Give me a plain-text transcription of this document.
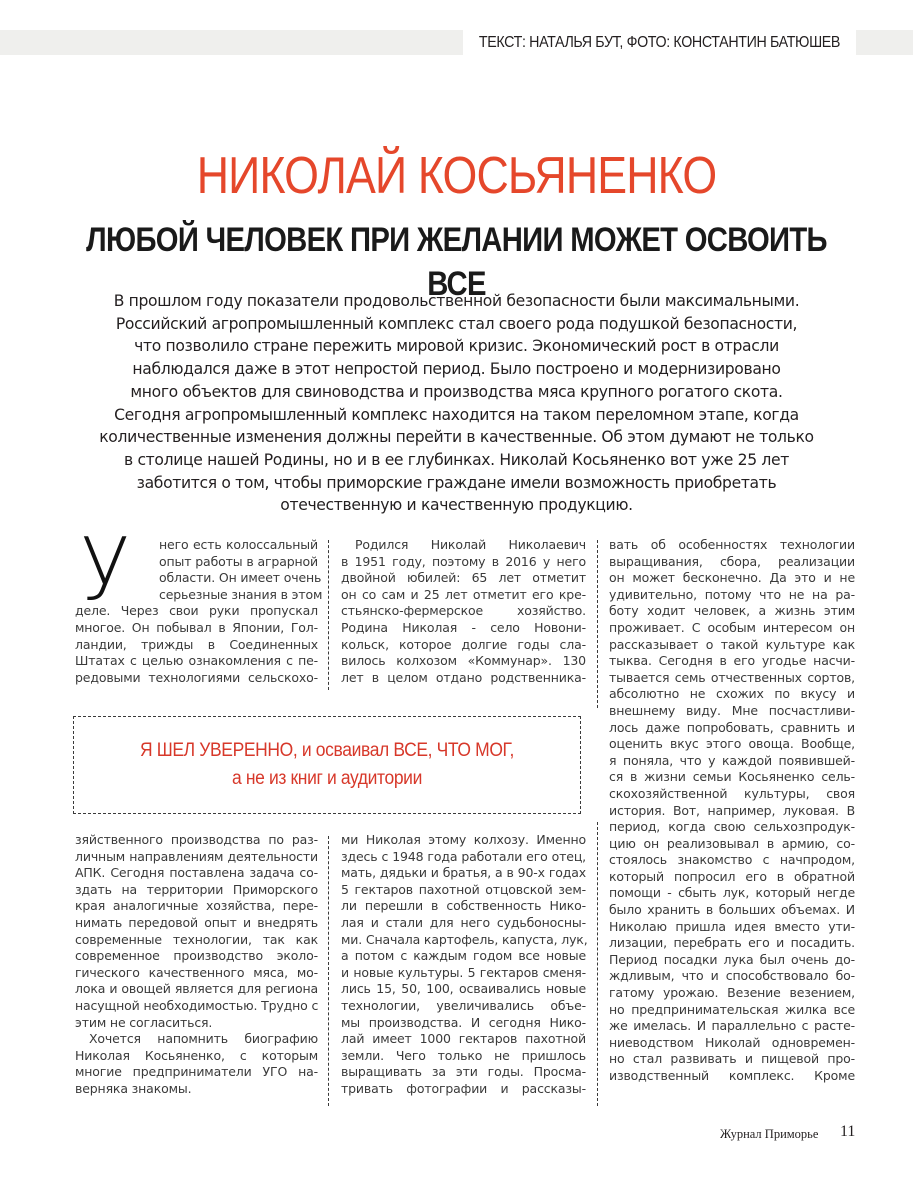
ТЕКСТ: НАТАЛЬЯ БУТ, ФОТО: КОНСТАНТИН БАТЮШЕВ
НИКОЛАЙ КОСЬЯНЕНКО
ЛЮБОЙ ЧЕЛОВЕК ПРИ ЖЕЛАНИИ МОЖЕТ ОСВОИТЬ ВСЕ
В прошлом году показатели продовольственной безопасности были максимальными.
Российский агропромышленный комплекс стал своего рода подушкой безопасности,
что позволило стране пережить мировой кризис. Экономический рост в отрасли
наблюдался даже в этот непростой период. Было построено и модернизировано
много объектов для свиноводства и производства мяса крупного рогатого скота.
Сегодня агропромышленный комплекс находится на таком переломном этапе, когда
количественные изменения должны перейти в качественные. Об этом думают не только
в столице нашей Родины, но и в ее глубинках. Николай Косьяненко вот уже 25 лет
заботится о том, чтобы приморские граждане имели возможность приобретать
отечественную и качественную продукцию.
У	него есть колоссальный
опыт работы в аграрной
области. Он имеет очень
серьезные знания в этом
деле. Через свои руки пропускал
многое. Он побывал в Японии, Гол-
ландии, трижды в Соединенных
Штатах с целью ознакомления с пе-
редовыми технологиями сельскохо-
Родился Николай Николаевич
в 1951 году, поэтому в 2016 у него
двойной юбилей: 65 лет отметит
он со сам и 25 лет отметит его кре-
стьянско-фермерское хозяйство.
Родина Николая - село Новони-
кольск, которое долгие годы сла-
вилось колхозом «Коммунар». 130
лет в целом отдано родственника-
вать об особенностях технологии
выращивания, сбора, реализации
он может бесконечно. Да это и не
удивительно, потому что не на ра-
боту ходит человек, а жизнь этим
проживает. С особым интересом он
рассказывает о такой культуре как
тыква. Сегодня в его угодье насчи-
тывается семь отчественных сортов,
абсолютно не схожих по вкусу и
внешнему виду. Мне посчастливи-
лось даже попробовать, сравнить и
оценить вкус этого овоща. Вообще,
я поняла, что у каждой появившей-
ся в жизни семьи Косьяненко сель-
скохозяйственной культуры, своя
история. Вот, например, луковая. В
период, когда свою сельхозпродук-
цию он реализовывал в армию, со-
стоялось знакомство с начпродом,
который попросил его в обратной
помощи - сбыть лук, который негде
было хранить в больших объемах. И
Николаю пришла идея вместо ути-
лизации, перебрать его и посадить.
Период посадки лука был очень до-
ждливым, что и способствовало бо-
гатому урожаю. Везение везением,
но предпринимательская жилка все
же имелась. И параллельно с расте-
ниеводством Николай одновремен-
но стал развивать и пищевой про-
изводственный комплекс. Кроме
Я ШЕЛ УВЕРЕННО, и осваивал ВСЕ, ЧТО МОГ,
а не из книг и аудитории
зяйственного производства по раз-
личным направлениям деятельности
АПК. Сегодня поставлена задача со-
здать на территории Приморского
края аналогичные хозяйства, пере-
нимать передовой опыт и внедрять
современные технологии, так как
современное производство эколо-
гического качественного мяса, мо-
лока и овощей является для региона
насущной необходимостью. Трудно с
этим не согласиться.
Хочется напомнить биографию
Николая Косьяненко, с которым
многие предприниматели УГО на-
верняка знакомы.
ми Николая этому колхозу. Именно
здесь с 1948 года работали его отец,
мать, дядьки и братья, а в 90-х годах
5 гектаров пахотной отцовской зем-
ли перешли в собственность Нико-
лая и стали для него судьбоносны-
ми. Сначала картофель, капуста, лук,
а потом с каждым годом все новые
и новые культуры. 5 гектаров сменя-
лись 15, 50, 100, осваивались новые
технологии, увеличивались объе-
мы производства. И сегодня Нико-
лай имеет 1000 гектаров пахотной
земли. Чего только не пришлось
выращивать за эти годы. Просма-
тривать фотографии и рассказы-
Журнал Приморье 11
